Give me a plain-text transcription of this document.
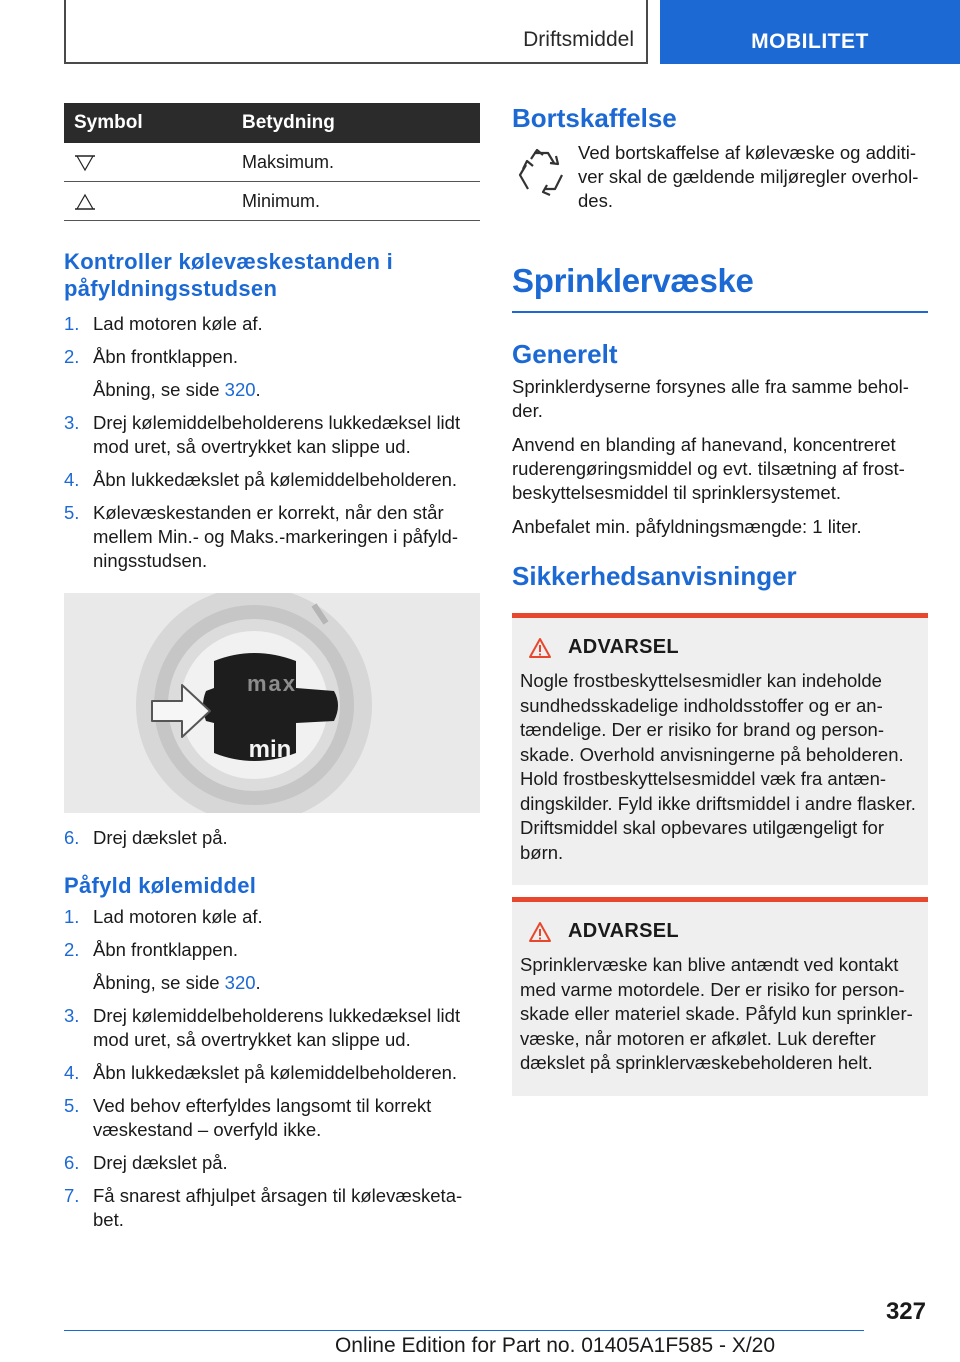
Driftsmiddel	MOBILITET
Symbol	Betydning
	Maksimum.
	Minimum.
Kontroller kølevæskestanden i påfyldningsstudsen
1. Lad motoren køle af.
2. Åbn frontklappen.
Åbning, se side 320.
3. Drej kølemiddelbeholderens lukkedæksel lidt mod uret, så overtrykket kan slippe ud.
4. Åbn lukkedækslet på kølemiddelbeholderen.
5. Kølevæskestanden er korrekt, når den står mellem Min.- og Maks.-markeringen i påfyldningsstudsen.
max
min
6. Drej dækslet på.
Påfyld kølemiddel
1. Lad motoren køle af.
2. Åbn frontklappen.
Åbning, se side 320.
3. Drej kølemiddelbeholderens lukkedæksel lidt mod uret, så overtrykket kan slippe ud.
4. Åbn lukkedækslet på kølemiddelbeholderen.
5. Ved behov efterfyldes langsomt til korrekt væskestand – overfyld ikke.
6. Drej dækslet på.
7. Få snarest afhjulpet årsagen til kølevæsketabet.
Bortskaffelse

Ved bortskaffelse af kølevæske og additiver skal de gældende miljøregler overholdes.

Sprinklervæske
Generelt

Sprinklerdyserne forsynes alle fra samme beholder.

Anvend en blanding af hanevand, koncentreret ruderengøringsmiddel og evt. tilsætning af frostbeskyttelsesmiddel til sprinklersystemet.

Anbefalet min. påfyldningsmængde: 1 liter.

Sikkerhedsanvisninger
ADVARSEL

Nogle frostbeskyttelsesmidler kan indeholde sundhedsskadelige indholdsstoffer og er antændelige. Der er risiko for brand og personskade. Overhold anvisningerne på beholderen. Hold frostbeskyttelsesmiddel væk fra antændingskilder. Fyld ikke driftsmiddel i andre flasker. Driftsmiddel skal opbevares utilgængeligt for børn.

ADVARSEL

Sprinklervæske kan blive antændt ved kontakt med varme motordele. Der er risiko for personskade eller materiel skade. Påfyld kun sprinklervæske, når motoren er afkølet. Luk derefter dækslet på sprinklervæskebeholderen helt.

327
Online Edition for Part no. 01405A1F585 - X/20
